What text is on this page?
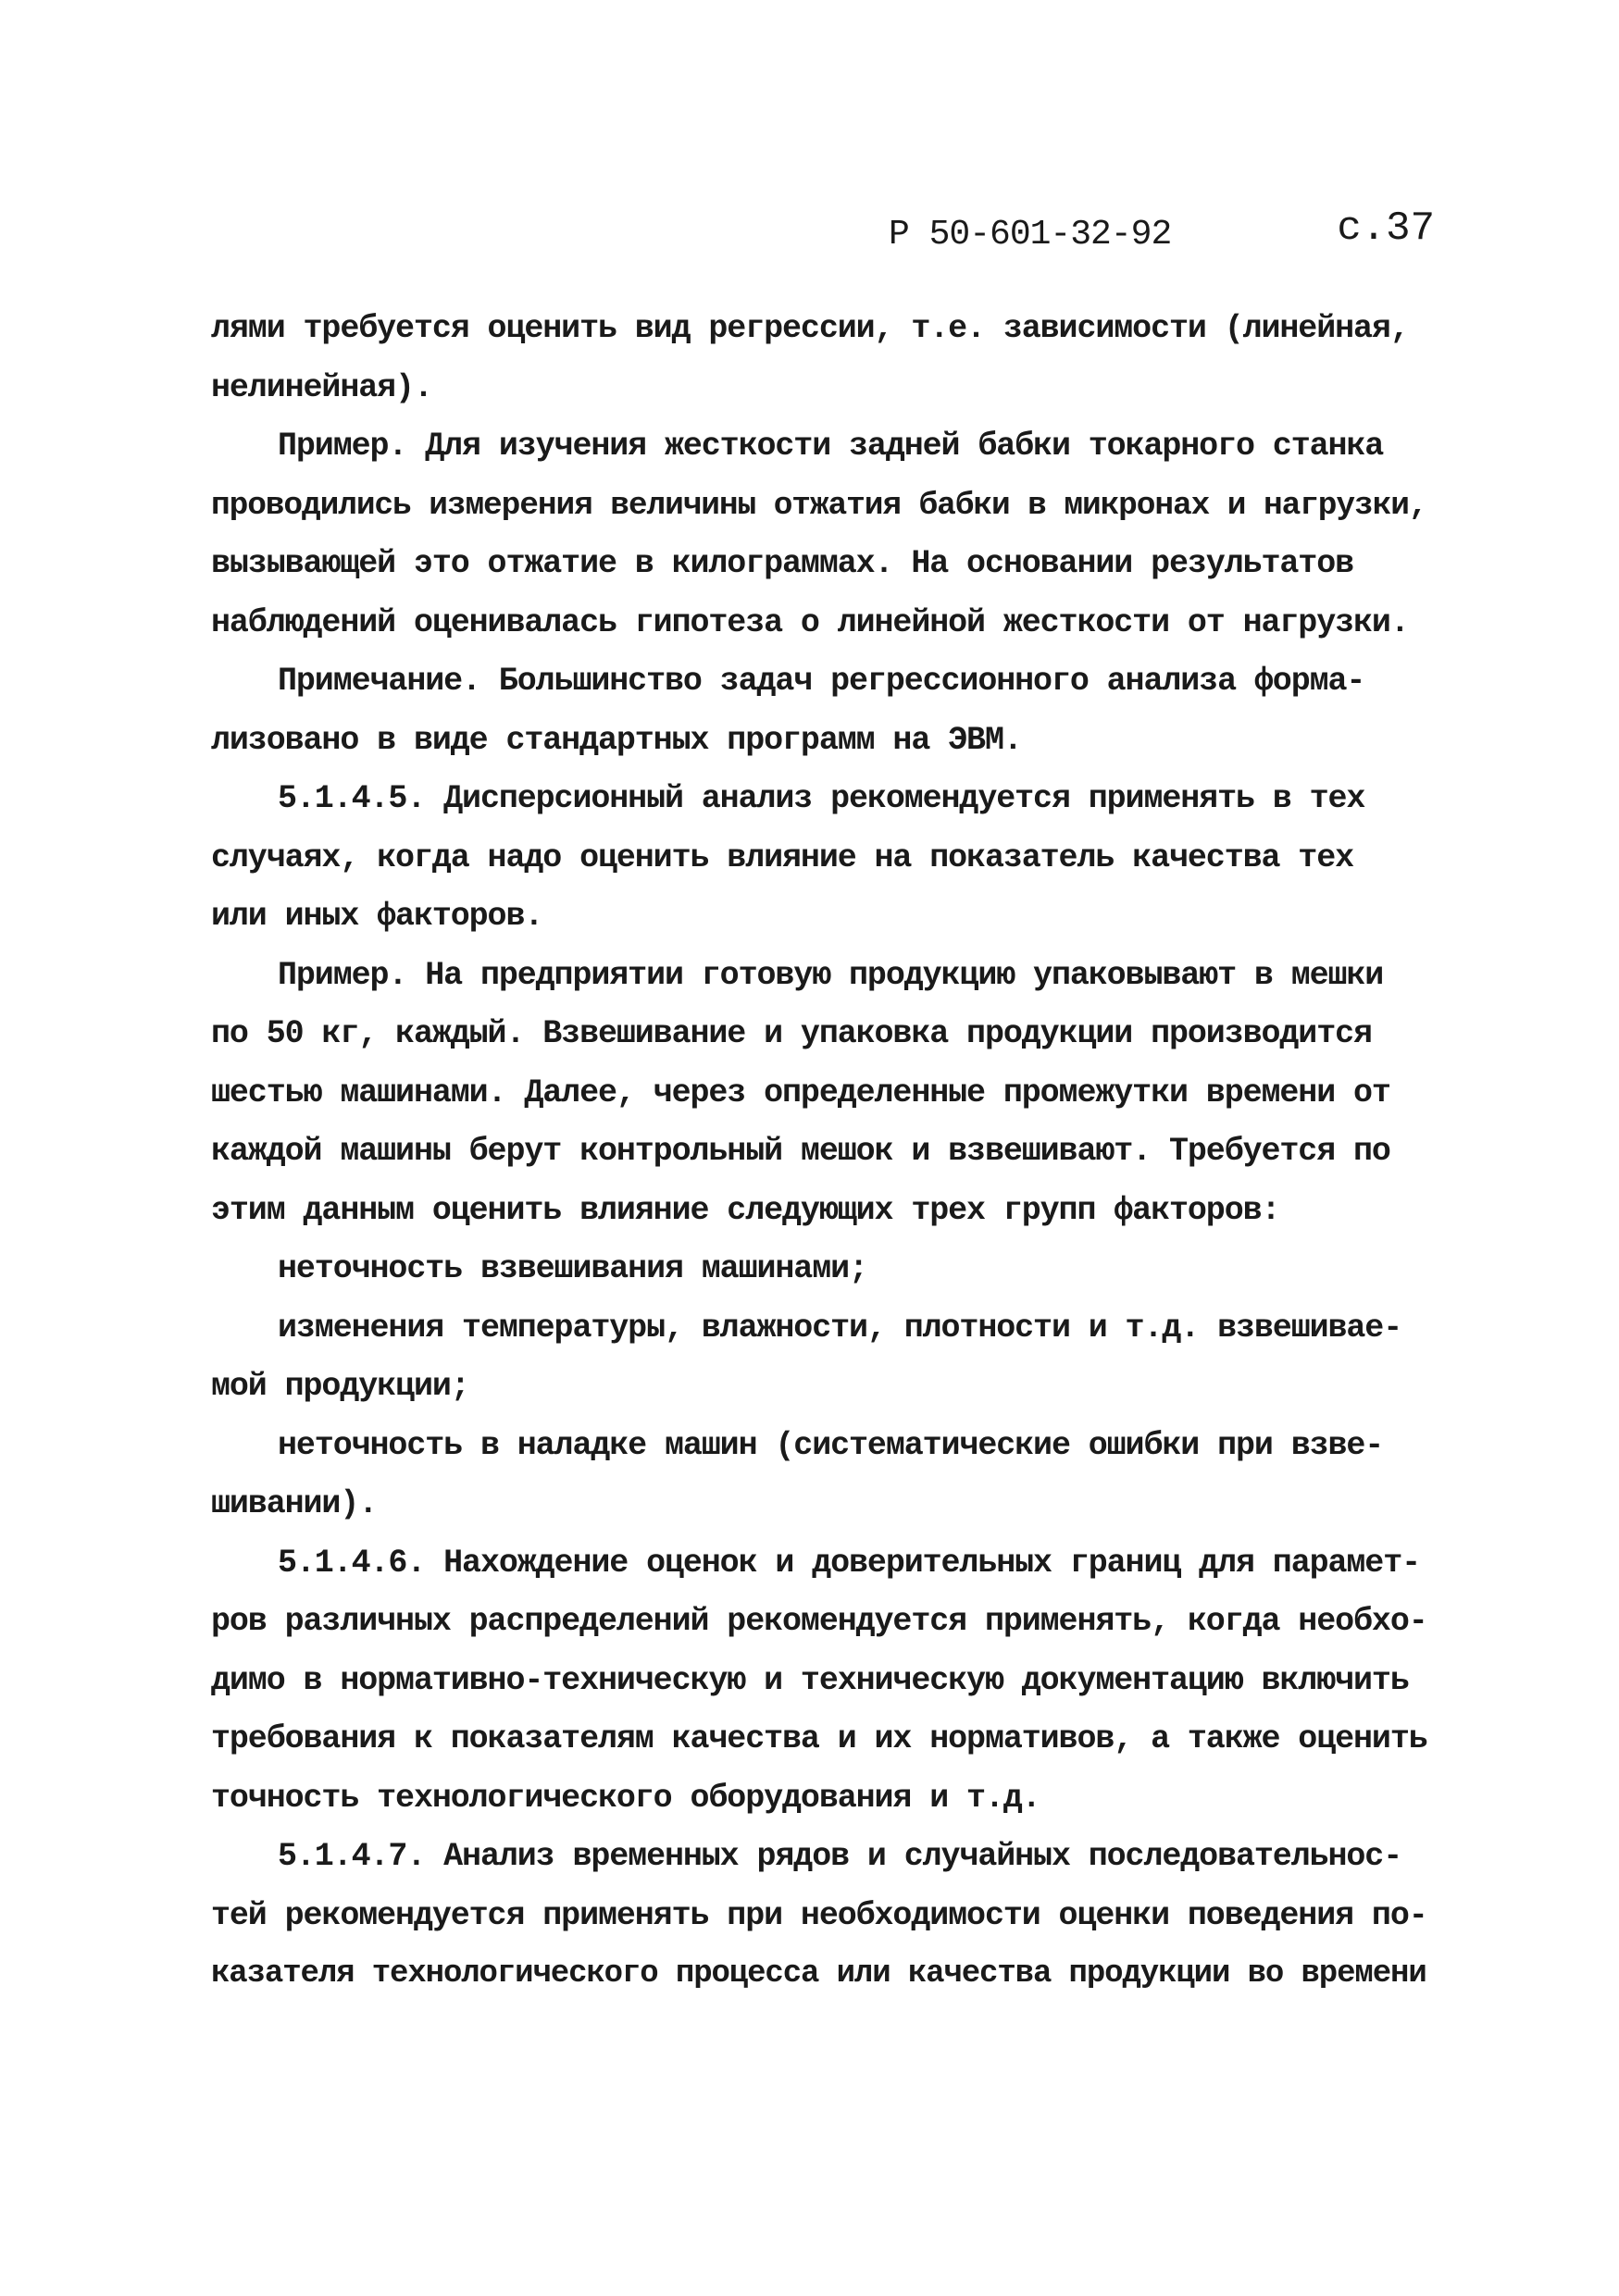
Р 50-601-32-92	с.37
лями требуется оценить вид регрессии, т.е. зависимости (линейная,
нелинейная).
Пример. Для изучения жесткости задней бабки токарного станка
проводились измерения величины отжатия бабки в микронах и нагрузки,
вызывающей это отжатие в килограммах. На основании результатов
наблюдений оценивалась гипотеза о линейной жесткости от нагрузки.
Примечание. Большинство задач регрессионного анализа форма-
лизовано в виде стандартных программ на ЭВМ.
5.1.4.5. Дисперсионный анализ рекомендуется применять в тех
случаях, когда надо оценить влияние на показатель качества тех
или иных факторов.
Пример. На предприятии готовую продукцию упаковывают в мешки
по 50 кг, каждый. Взвешивание и упаковка продукции производится
шестью машинами. Далее, через определенные промежутки времени от
каждой машины берут контрольный мешок и взвешивают. Требуется по
этим данным оценить влияние следующих трех групп факторов:
неточность взвешивания машинами;
изменения температуры, влажности, плотности и т.д. взвешивае-
мой продукции;
неточность в наладке машин (систематические ошибки при взве-
шивании).
5.1.4.6. Нахождение оценок и доверительных границ для парамет-
ров различных распределений рекомендуется применять, когда необхо-
димо в нормативно-техническую и техническую документацию включить
требования к показателям качества и их нормативов, а также оценить
точность технологического оборудования и т.д.
5.1.4.7. Анализ временных рядов и случайных последовательнос-
тей рекомендуется применять при необходимости оценки поведения по-
казателя технологического процесса или качества продукции во времени
